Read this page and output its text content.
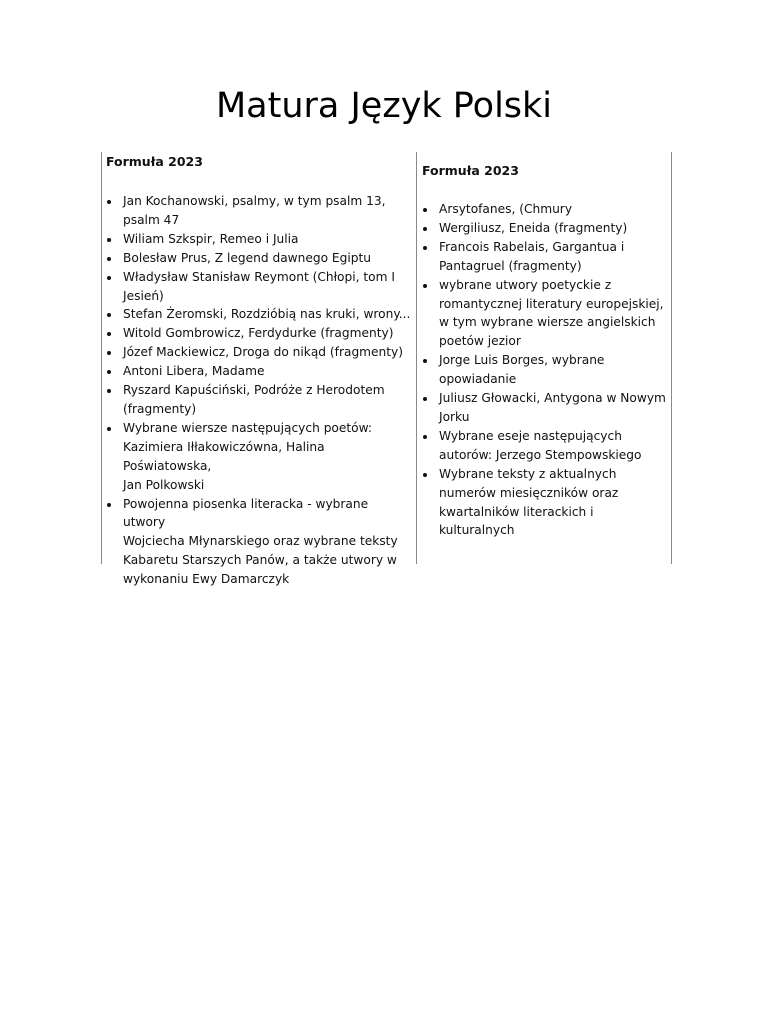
Matura Język Polski

Formuła 2023

Jan Kochanowski, psalmy, w tym psalm 13,
psalm 47
Wiliam Szkspir, Remeo i Julia
Bolesław Prus, Z legend dawnego Egiptu
Władysław Stanisław Reymont (Chłopi, tom I
Jesień)
Stefan Żeromski, Rozdzióbią nas kruki, wrony...
Witold Gombrowicz, Ferdydurke (fragmenty)
Józef Mackiewicz, Droga do nikąd (fragmenty)
Antoni Libera, Madame
Ryszard Kapuściński, Podróże z Herodotem
(fragmenty)
Wybrane wiersze następujących poetów:
Kazimiera Iłłakowiczówna, Halina Poświatowska,
Jan Polkowski
Powojenna piosenka literacka - wybrane utwory
Wojciecha Młynarskiego oraz wybrane teksty
Kabaretu Starszych Panów, a także utwory w
wykonaniu Ewy Damarczyk

Formuła 2023

Arsytofanes, (Chmury
Wergiliusz, Eneida (fragmenty)
Francois Rabelais, Gargantua i
Pantagruel (fragmenty)
wybrane utwory poetyckie z
romantycznej literatury europejskiej,
w tym wybrane wiersze angielskich
poetów jezior
Jorge Luis Borges, wybrane
opowiadanie
Juliusz Głowacki, Antygona w Nowym
Jorku
Wybrane eseje następujących
autorów: Jerzego Stempowskiego
Wybrane teksty z aktualnych
numerów miesięczników oraz
kwartalników literackich i
kulturalnych
